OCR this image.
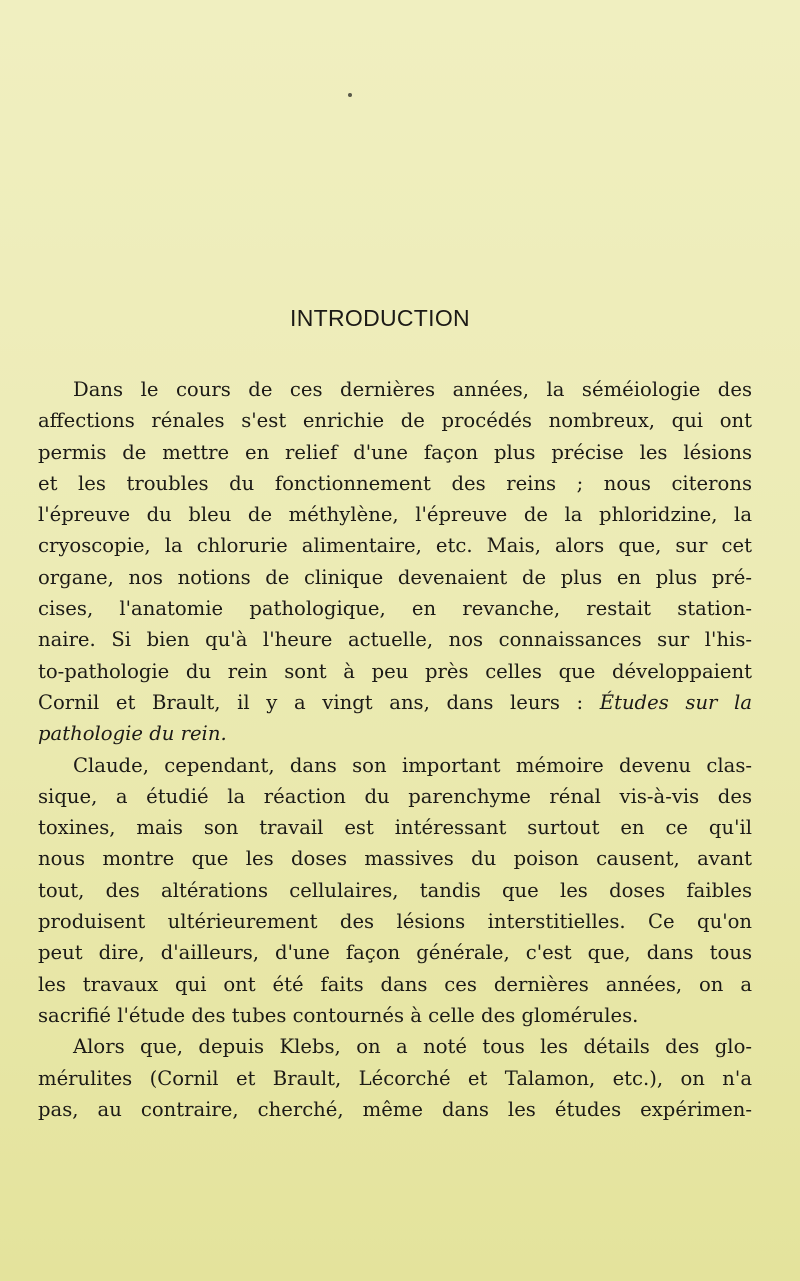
INTRODUCTION

Dans le cours de ces dernières années, la séméiologie des
affections rénales s'est enrichie de procédés nombreux, qui ont
permis de mettre en relief d'une façon plus précise les lésions
et les troubles du fonctionnement des reins ; nous citerons
l'épreuve du bleu de méthylène, l'épreuve de la phloridzine, la
cryoscopie, la chlorurie alimentaire, etc. Mais, alors que, sur cet
organe, nos notions de clinique devenaient de plus en plus pré-
cises, l'anatomie pathologique, en revanche, restait station-
naire. Si bien qu'à l'heure actuelle, nos connaissances sur l'his-
to-pathologie du rein sont à peu près celles que développaient
Cornil et Brault, il y a vingt ans, dans leurs : Études sur la
pathologie du rein.

Claude, cependant, dans son important mémoire devenu clas-
sique, a étudié la réaction du parenchyme rénal vis-à-vis des
toxines, mais son travail est intéressant surtout en ce qu'il
nous montre que les doses massives du poison causent, avant
tout, des altérations cellulaires, tandis que les doses faibles
produisent ultérieurement des lésions interstitielles. Ce qu'on
peut dire, d'ailleurs, d'une façon générale, c'est que, dans tous
les travaux qui ont été faits dans ces dernières années, on a
sacrifié l'étude des tubes contournés à celle des glomérules.

Alors que, depuis Klebs, on a noté tous les détails des glo-
mérulites (Cornil et Brault, Lécorché et Talamon, etc.), on n'a
pas, au contraire, cherché, même dans les études expérimen-
